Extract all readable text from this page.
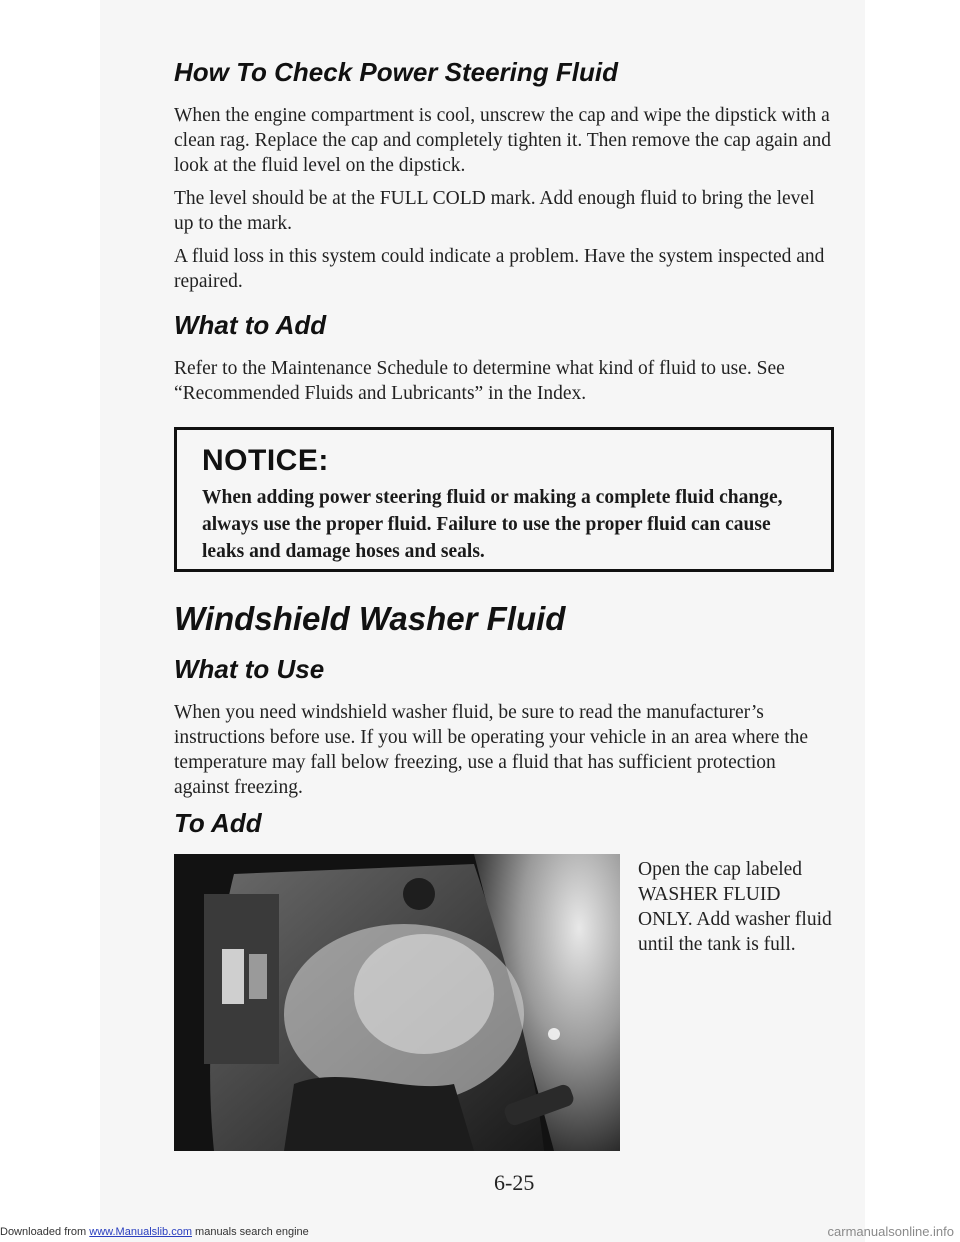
How To Check Power Steering Fluid

When the engine compartment is cool, unscrew the cap and wipe the dipstick with a clean rag. Replace the cap and completely tighten it. Then remove the cap again and look at the fluid level on the dipstick.

The level should be at the FULL COLD mark. Add enough fluid to bring the level up to the mark.

A fluid loss in this system could indicate a problem. Have the system inspected and repaired.

What to Add

Refer to the Maintenance Schedule to determine what kind of fluid to use. See “Recommended Fluids and Lubricants” in the Index.

NOTICE:
When adding power steering fluid or making a complete fluid change, always use the proper fluid. Failure to use the proper fluid can cause leaks and damage hoses and seals.
Windshield Washer Fluid
What to Use

When you need windshield washer fluid, be sure to read the manufacturer’s instructions before use. If you will be operating your vehicle in an area where the temperature may fall below freezing, use a fluid that has sufficient protection against freezing.

To Add
Open the cap labeled WASHER FLUID ONLY. Add washer fluid until the tank is full.
6-25
Downloaded from www.Manualslib.com manuals search engine	carmanualsonline.info
